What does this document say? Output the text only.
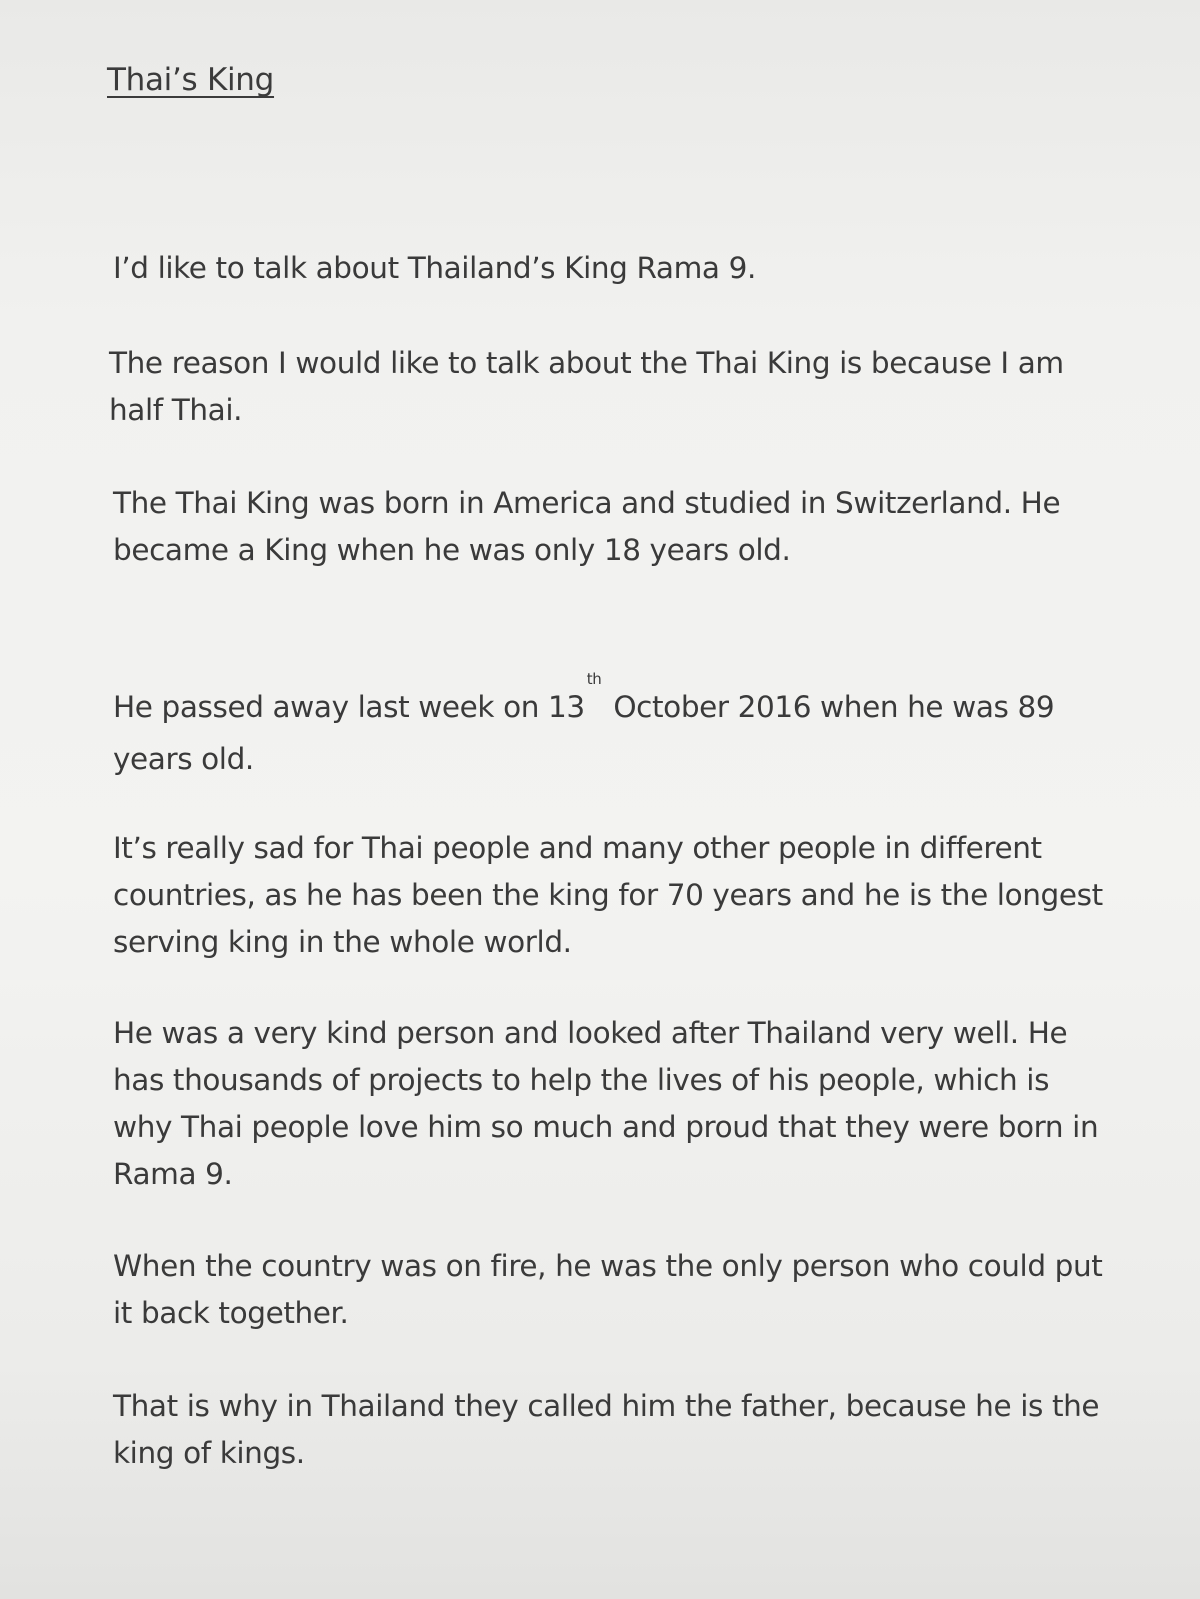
Thai’s King

I’d like to talk about Thailand’s King Rama 9.

The reason I would like to talk about the Thai King is because I am half Thai.

The Thai King was born in America and studied in Switzerland. He became a King when he was only 18 years old.

He passed away last week on 13thOctober 2016 when he was 89 years old.

It’s really sad for Thai people and many other people in different countries, as he has been the king for 70 years and he is the longest serving king in the whole world.

He was a very kind person and looked after Thailand very well. He has thousands of projects to help the lives of his people, which is why Thai people love him so much and proud that they were born in Rama 9.

When the country was on fire, he was the only person who could put it back together.

That is why in Thailand they called him the father, because he is the king of kings.
